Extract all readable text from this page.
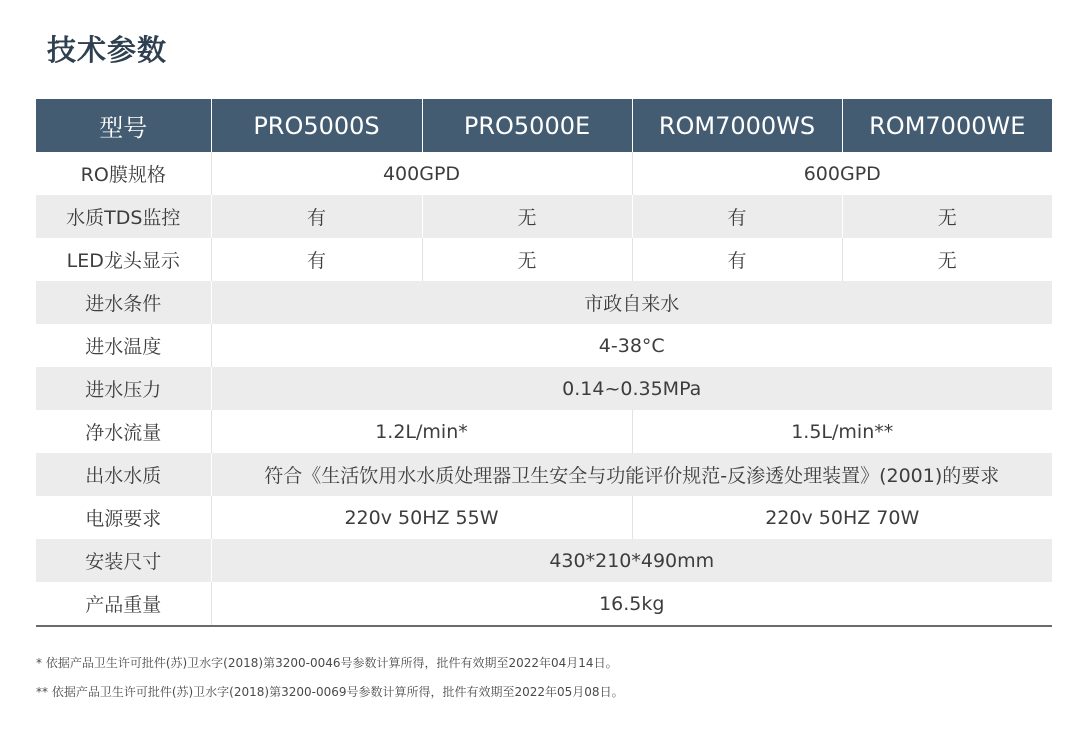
技术参数
型号	PRO5000S	PRO5000E	ROM7000WS	ROM7000WE
RO膜规格	400GPD		600GPD	
水质TDS监控	有	无	有	无
LED龙头显示	有	无	有	无
进水条件	市政自来水			
进水温度	4-38°C			
进水压力	0.14~0.35MPa			
净水流量	1.2L/min*		1.5L/min**	
出水水质	符合《生活饮用水水质处理器卫生安全与功能评价规范-反渗透处理装置》(2001)的要求			
电源要求	220v 50HZ 55W		220v 50HZ 70W	
安装尺寸	430*210*490mm			
产品重量	16.5kg			
* 依据产品卫生许可批件(苏)卫水字(2018)第3200-0046号参数计算所得，批件有效期至2022年04月14日。
** 依据产品卫生许可批件(苏)卫水字(2018)第3200-0069号参数计算所得，批件有效期至2022年05月08日。
